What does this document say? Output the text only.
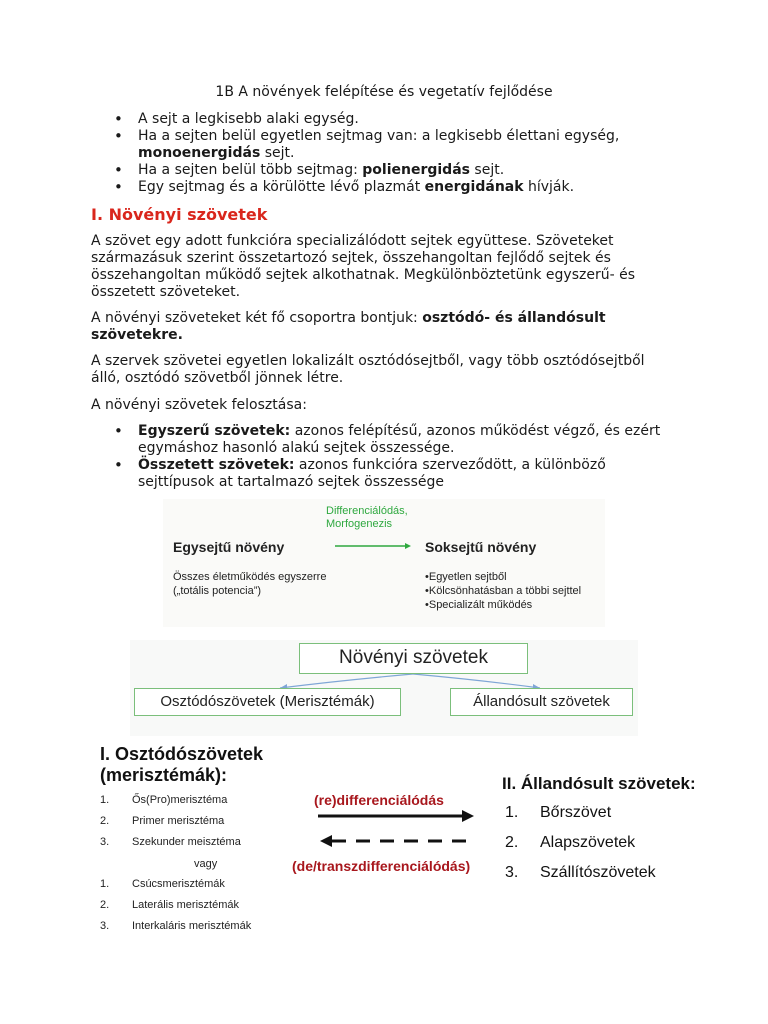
1B A növények felépítése és vegetatív fejlődése
• A sejt a legkisebb alaki egység.
• Ha a sejten belül egyetlen sejtmag van: a legkisebb élettani egység, monoenergidás sejt.
• Ha a sejten belül több sejtmag: polienergidás sejt.
• Egy sejtmag és a körülötte lévő plazmát energidának hívják.
I. Növényi szövetek

A szövet egy adott funkcióra specializálódott sejtek együttese. Szöveteket származásuk szerint összetartozó sejtek, összehangoltan fejlődő sejtek és összehangoltan működő sejtek alkothatnak. Megkülönböztetünk egyszerű- és összetett szöveteket.

A növényi szöveteket két fő csoportra bontjuk: osztódó- és állandósult szövetekre.

A szervek szövetei egyetlen lokalizált osztódósejtből, vagy több osztódósejtből álló, osztódó szövetből jönnek létre.

A növényi szövetek felosztása:

• Egyszerű szövetek: azonos felépítésű, azonos működést végző, és ezért egymáshoz hasonló alakú sejtek összessége.
• Összetett szövetek: azonos funkcióra szerveződött, a különböző sejttípusok at tartalmazó sejtek összessége
Differenciálódás,
Morfogenezis
Egysejtű növény
Összes életműködés egyszerre
(„totális potencia”)
Soksejtű növény
•Egyetlen sejtből
•Kölcsönhatásban a többi sejttel
•Specializált működés
Növényi szövetek
Osztódószövetek (Merisztémák)	Állandósult szövetek
I. Osztódószövetek
(merisztémák):
1. Ős(Pro)merisztéma
2. Primer merisztéma
3. Szekunder meisztéma
vagy
1. Csúcsmerisztémák
2. Laterális merisztémák
3. Interkaláris merisztémák
(re)differenciálódás
(de/transzdifferenciálódás)
II. Állandósult szövetek:
1. Bőrszövet
2. Alapszövetek
3. Szállítószövetek
